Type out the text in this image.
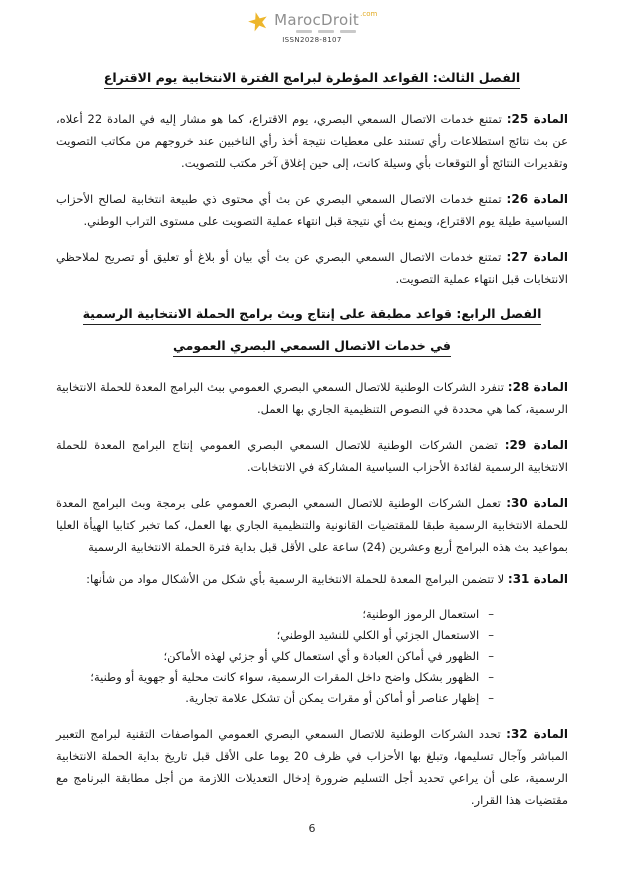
★ MarocDroit$^{.com}$
ISSN2028-8107
الفصل الثالث: القواعد المؤطرة لبرامج الفترة الانتخابية يوم الاقتراع

المادة 25: تمتنع خدمات الاتصال السمعي البصري، يوم الاقتراع، كما هو مشار إليه في المادة 22 أعلاه، عن بث نتائج استطلاعات رأي تستند على معطيات نتيجة أخذ رأي الناخبين عند خروجهم من مكاتب التصويت وتقديرات النتائج أو التوقعات بأي وسيلة كانت، إلى حين إغلاق آخر مكتب للتصويت.

المادة 26: تمتنع خدمات الاتصال السمعي البصري عن بث أي محتوى ذي طبيعة انتخابية لصالح الأحزاب السياسية طيلة يوم الاقتراع، ويمنع بث أي نتيجة قبل انتهاء عملية التصويت على مستوى التراب الوطني.

المادة 27: تمتنع خدمات الاتصال السمعي البصري عن بث أي بيان أو بلاغ أو تعليق أو تصريح لملاحظي الانتخابات قبل انتهاء عملية التصويت.

الفصل الرابع: قواعد مطبقة على إنتاج وبث برامج الحملة الانتخابية الرسمية
في خدمات الاتصال السمعي البصري العمومي

المادة 28: تنفرد الشركات الوطنية للاتصال السمعي البصري العمومي ببث البرامج المعدة للحملة الانتخابية الرسمية، كما هي محددة في النصوص التنظيمية الجاري بها العمل.

المادة 29: تضمن الشركات الوطنية للاتصال السمعي البصري العمومي إنتاج البرامج المعدة للحملة الانتخابية الرسمية لفائدة الأحزاب السياسية المشاركة في الانتخابات.

المادة 30: تعمل الشركات الوطنية للاتصال السمعي البصري العمومي على برمجة وبث البرامج المعدة للحملة الانتخابية الرسمية طبقا للمقتضيات القانونية والتنظيمية الجاري بها العمل، كما تخبر كتابيا الهيأة العليا بمواعيد بث هذه البرامج أربع وعشرين (24) ساعة على الأقل قبل بداية فترة الحملة الانتخابية الرسمية

المادة 31: لا تتضمن البرامج المعدة للحملة الانتخابية الرسمية بأي شكل من الأشكال مواد من شأنها:

–
استعمال الرموز الوطنية؛
–
الاستعمال الجزئي أو الكلي للنشيد الوطني؛
–
الظهور في أماكن العبادة و أي استعمال كلي أو جزئي لهذه الأماكن؛
–
الظهور بشكل واضح داخل المقرات الرسمية، سواء كانت محلية أو جهوية أو وطنية؛
–
إظهار عناصر أو أماكن أو مقرات يمكن أن تشكل علامة تجارية.

المادة 32: تحدد الشركات الوطنية للاتصال السمعي البصري العمومي المواصفات التقنية لبرامج التعبير المباشر وآجال تسليمها، وتبلغ بها الأحزاب في ظرف 20 يوما على الأقل قبل تاريخ بداية الحملة الانتخابية الرسمية، على أن يراعي تحديد أجل التسليم ضرورة إدخال التعديلات اللازمة من أجل مطابقة البرنامج مع مقتضيات هذا القرار.

6
